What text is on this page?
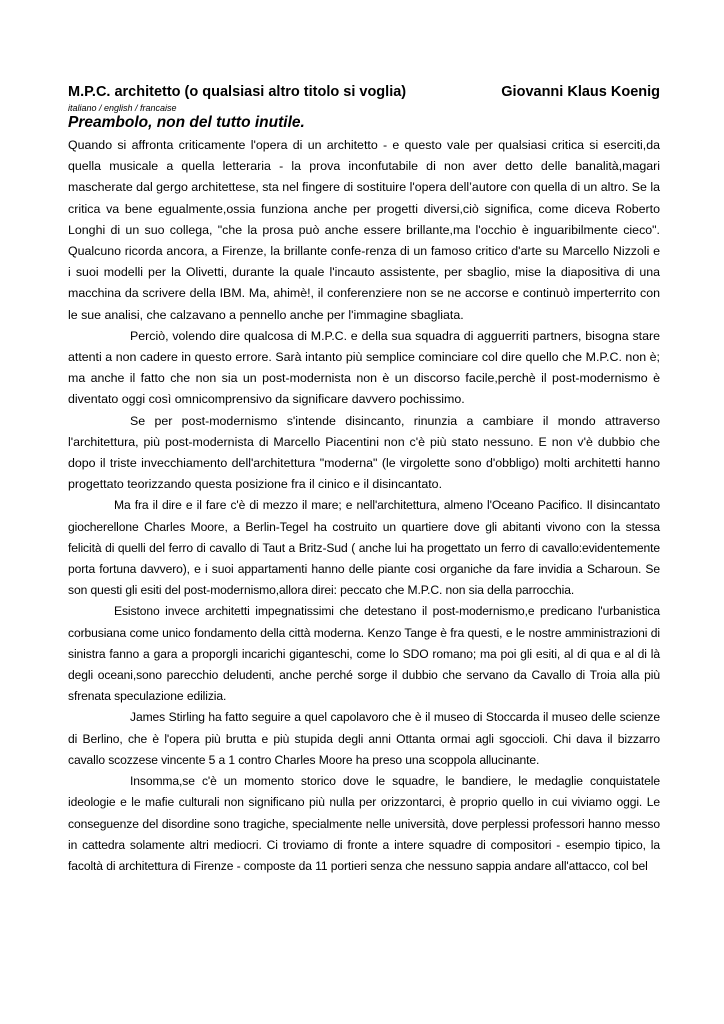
M.P.C. architetto (o qualsiasi altro titolo si voglia)	Giovanni Klaus Koenig
italiano / english / francaise
Preambolo, non del tutto inutile.

Quando si affronta criticamente l'opera di un architetto - e questo vale per qualsiasi critica si eserciti,da quella musicale a quella letteraria - la prova inconfutabile di non aver detto delle banalità,magari mascherate dal gergo architettese, sta nel fingere di sostituire l'opera dell’autore con quella di un altro. Se la critica va bene egualmente,ossia funziona anche per progetti diversi,ciò significa, come diceva Roberto Longhi di un suo collega, "che la prosa può anche essere brillante,ma l'occhio è inguaribilmente cieco". Qualcuno ricorda ancora, a Firenze, la brillante confe-renza di un famoso critico d'arte su Marcello Nizzoli e i suoi modelli per la Olivetti, durante la quale l'incauto assistente, per sbaglio, mise la diapositiva di una macchina da scrivere della IBM. Ma, ahimè!, il conferenziere non se ne accorse e continuò imperterrito con le sue analisi, che calzavano a pennello anche per l'immagine sbagliata.

Perciò, volendo dire qualcosa di M.P.C. e della sua squadra di agguerriti partners, bisogna stare attenti a non cadere in questo errore. Sarà intanto più semplice cominciare col dire quello che M.P.C. non è; ma anche il fatto che non sia un post-modernista non è un discorso facile,perchè il post-modernismo è diventato oggi così omnicomprensivo da significare davvero pochissimo.

Se per post-modernismo s'intende disincanto, rinunzia a cambiare il mondo attraverso l'architettura, più post-modernista di Marcello Piacentini non c'è più stato nessuno. E non v'è dubbio che dopo il triste invecchiamento dell'architettura "moderna" (le virgolette sono d'obbligo) molti architetti hanno progettato teorizzando questa posizione fra il cinico e il disincantato.

Ma fra il dire e il fare c'è di mezzo il mare; e nell'architettura, almeno l'Oceano Pacifico. Il disincantato giocherellone Charles Moore, a Berlin-Tegel ha costruito un quartiere dove gli abitanti vivono con la stessa felicità di quelli del ferro di cavallo di Taut a Britz-Sud ( anche lui ha progettato un ferro di cavallo:evidentemente porta fortuna davvero), e i suoi appartamenti hanno delle piante cosi organiche da fare invidia a Scharoun. Se son questi gli esiti del post-modernismo,allora direi: peccato che M.P.C. non sia della parrocchia.

Esistono invece architetti impegnatissimi che detestano il post-modernismo,e predicano l'urbanistica corbusiana come unico fondamento della città moderna. Kenzo Tange è fra questi, e le nostre amministrazioni di sinistra fanno a gara a proporgli incarichi giganteschi, come lo SDO romano; ma poi gli esiti, al di qua e al di là degli oceani,sono parecchio deludenti, anche perché sorge il dubbio che servano da Cavallo di Troia alla più sfrenata speculazione edilizia.

James Stirling ha fatto seguire a quel capolavoro che è il museo di Stoccarda il museo delle scienze di Berlino, che è l'opera più brutta e più stupida degli anni Ottanta ormai agli sgoccioli. Chi dava il bizzarro cavallo scozzese vincente 5 a 1 contro Charles Moore ha preso una scoppola allucinante.

Insomma,se c'è un momento storico dove le squadre, le bandiere, le medaglie conquistatele ideologie e le mafie culturali non significano più nulla per orizzontarci, è proprio quello in cui viviamo oggi. Le conseguenze del disordine sono tragiche, specialmente nelle università, dove perplessi professori hanno messo in cattedra solamente altri mediocri. Ci troviamo di fronte a intere squadre di compositori - esempio tipico, la facoltà di architettura di Firenze - composte da 11 portieri senza che nessuno sappia andare all'attacco, col bel
